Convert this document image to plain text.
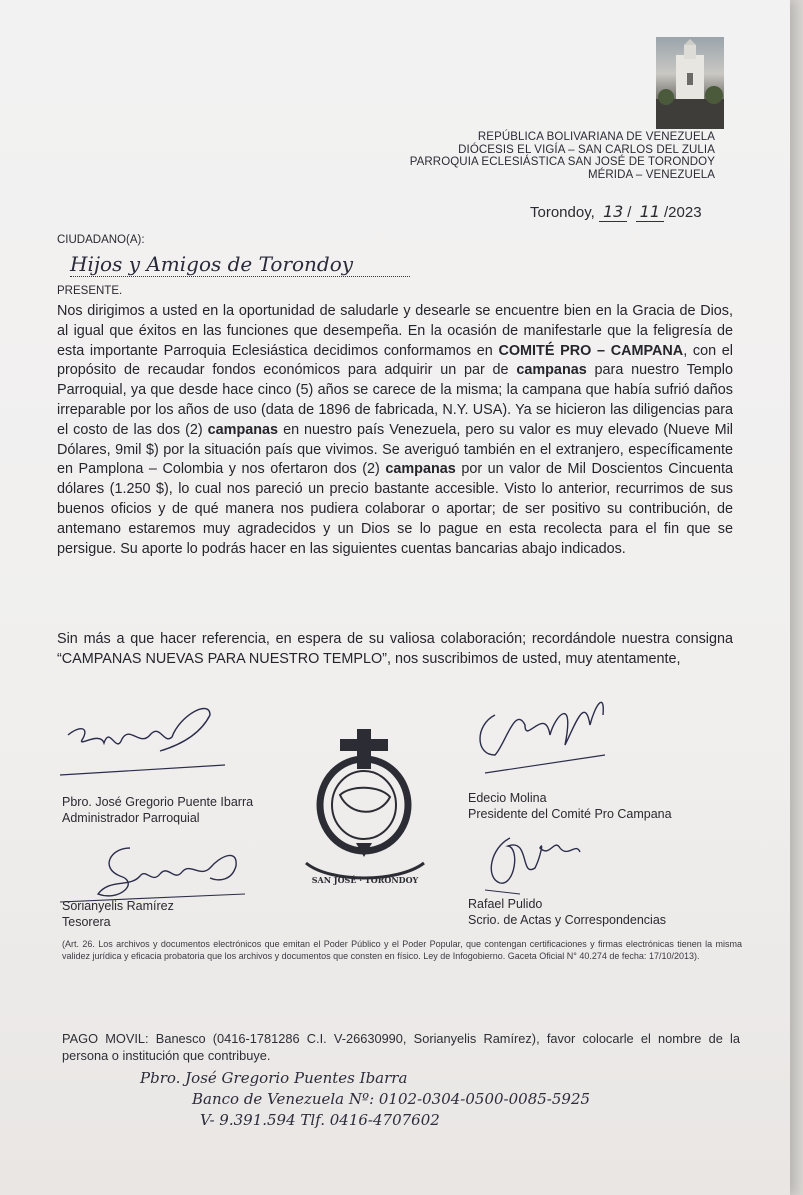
REPÚBLICA BOLIVARIANA DE VENEZUELA
DIÓCESIS EL VIGÍA – SAN CARLOS DEL ZULIA
PARROQUIA ECLESIÁSTICA SAN JOSÉ DE TORONDOY
MÉRIDA – VENEZUELA
Torondoy, 13 / 11 /2023
CIUDADANO(A):
Hijos y Amigos de Torondoy
PRESENTE.
Nos dirigimos a usted en la oportunidad de saludarle y desearle se encuentre bien en la Gracia de Dios, al igual que éxitos en las funciones que desempeña. En la ocasión de manifestarle que la feligresía de esta importante Parroquia Eclesiástica decidimos conformamos en COMITÉ PRO – CAMPANA, con el propósito de recaudar fondos económicos para adquirir un par de campanas para nuestro Templo Parroquial, ya que desde hace cinco (5) años se carece de la misma; la campana que había sufrió daños irreparable por los años de uso (data de 1896 de fabricada, N.Y. USA). Ya se hicieron las diligencias para el costo de las dos (2) campanas en nuestro país Venezuela, pero su valor es muy elevado (Nueve Mil Dólares, 9mil $) por la situación país que vivimos. Se averiguó también en el extranjero, específicamente en Pamplona – Colombia y nos ofertaron dos (2) campanas por un valor de Mil Doscientos Cincuenta dólares (1.250 $), lo cual nos pareció un precio bastante accesible. Visto lo anterior, recurrimos de sus buenos oficios y de qué manera nos pudiera colaborar o aportar; de ser positivo su contribución, de antemano estaremos muy agradecidos y un Dios se lo pague en esta recolecta para el fin que se persigue. Su aporte lo podrás hacer en las siguientes cuentas bancarias abajo indicados.
Sin más a que hacer referencia, en espera de su valiosa colaboración; recordándole nuestra consigna “CAMPANAS NUEVAS PARA NUESTRO TEMPLO”, nos suscribimos de usted, muy atentamente,
Pbro. José Gregorio Puente Ibarra
Administrador Parroquial
Edecio Molina
Presidente del Comité Pro Campana
SAN JOSÉ · TORONDOY
Sorianyelis Ramírez
Tesorera
Rafael Pulido
Scrio. de Actas y Correspondencias
(Art. 26. Los archivos y documentos electrónicos que emitan el Poder Público y el Poder Popular, que contengan certificaciones y firmas electrónicas tienen la misma validez jurídica y eficacia probatoria que los archivos y documentos que consten en físico. Ley de Infogobierno. Gaceta Oficial N° 40.274 de fecha: 17/10/2013).
PAGO MOVIL: Banesco (0416-1781286 C.I. V-26630990, Sorianyelis Ramírez), favor colocarle el nombre de la persona o institución que contribuye.
Pbro. José Gregorio Puentes Ibarra
Banco de Venezuela Nº: 0102-0304-0500-0085-5925
V- 9.391.594 Tlf. 0416-4707602
